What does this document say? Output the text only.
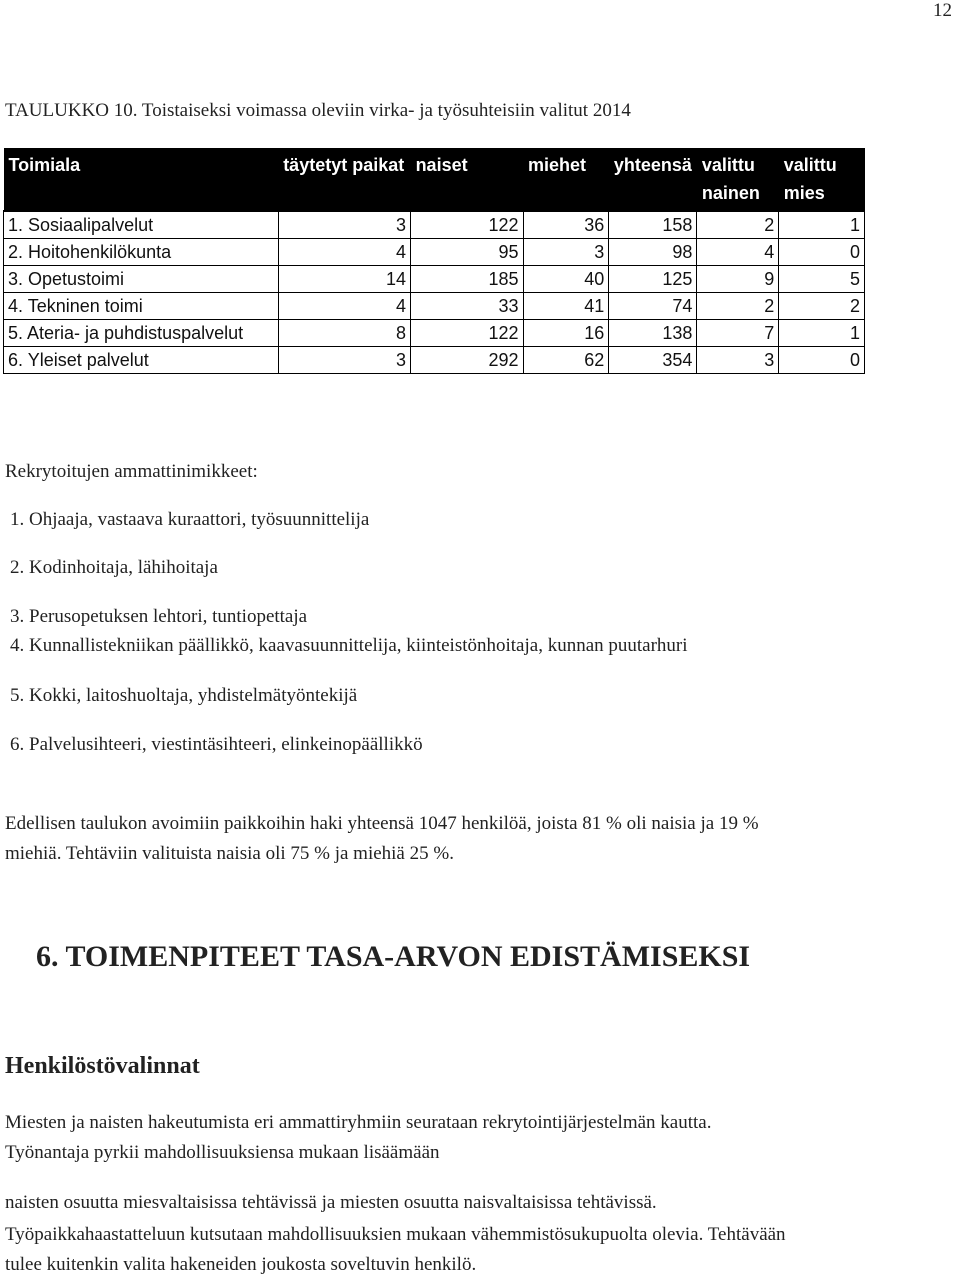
12
TAULUKKO 10. Toistaiseksi voimassa oleviin virka- ja työsuhteisiin valitut 2014
Toimiala	täytetyt paikat	naiset	miehet	yhteensä	valittu nainen	valittu mies
1. Sosiaalipalvelut	3	122	36	158	2	1
2. Hoitohenkilökunta	4	95	3	98	4	0
3. Opetustoimi	14	185	40	125	9	5
4. Tekninen toimi	4	33	41	74	2	2
5. Ateria- ja puhdistuspalvelut	8	122	16	138	7	1
6. Yleiset palvelut	3	292	62	354	3	0
Rekrytoitujen ammattinimikkeet:
1. Ohjaaja, vastaava kuraattori, työsuunnittelija
2. Kodinhoitaja, lähihoitaja
3. Perusopetuksen lehtori, tuntiopettaja
4. Kunnallistekniikan päällikkö, kaavasuunnittelija, kiinteistönhoitaja, kunnan puutarhuri
5. Kokki, laitoshuoltaja, yhdistelmätyöntekijä
6. Palvelusihteeri, viestintäsihteeri, elinkeinopäällikkö
Edellisen taulukon avoimiin paikkoihin haki yhteensä 1047 henkilöä, joista 81 % oli naisia ja 19 %
miehiä. Tehtäviin valituista naisia oli 75 % ja miehiä 25 %.
6. TOIMENPITEET TASA-ARVON EDISTÄMISEKSI
Henkilöstövalinnat
Miesten ja naisten hakeutumista eri ammattiryhmiin seurataan rekrytointijärjestelmän kautta.
Työnantaja pyrkii mahdollisuuksiensa mukaan lisäämään
naisten osuutta miesvaltaisissa tehtävissä ja miesten osuutta naisvaltaisissa tehtävissä.
Työpaikkahaastatteluun kutsutaan mahdollisuuksien mukaan vähemmistösukupuolta olevia. Tehtävään
tulee kuitenkin valita hakeneiden joukosta soveltuvin henkilö.
